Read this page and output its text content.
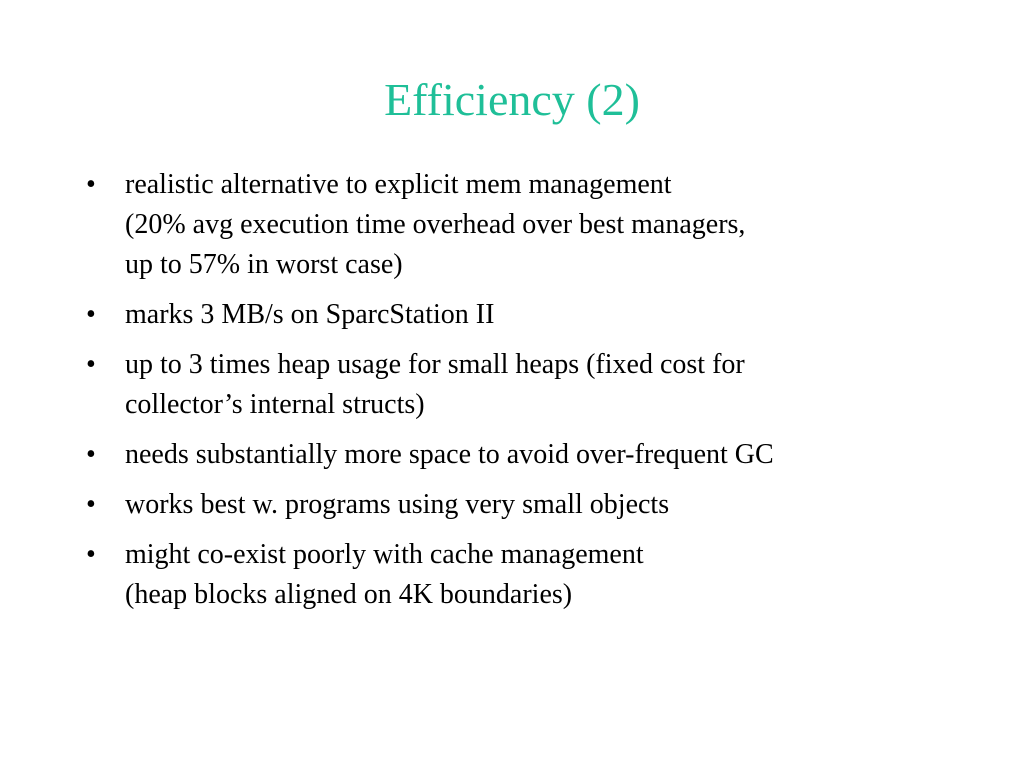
Efficiency (2)
• realistic alternative to explicit mem management
(20% avg execution time overhead over best managers,
up to 57% in worst case)
• marks 3 MB/s on SparcStation II
• up to 3 times heap usage for small heaps (fixed cost for
collector’s internal structs)
• needs substantially more space to avoid over-frequent GC
• works best w. programs using very small objects
• might co-exist poorly with cache management
(heap blocks aligned on 4K boundaries)
